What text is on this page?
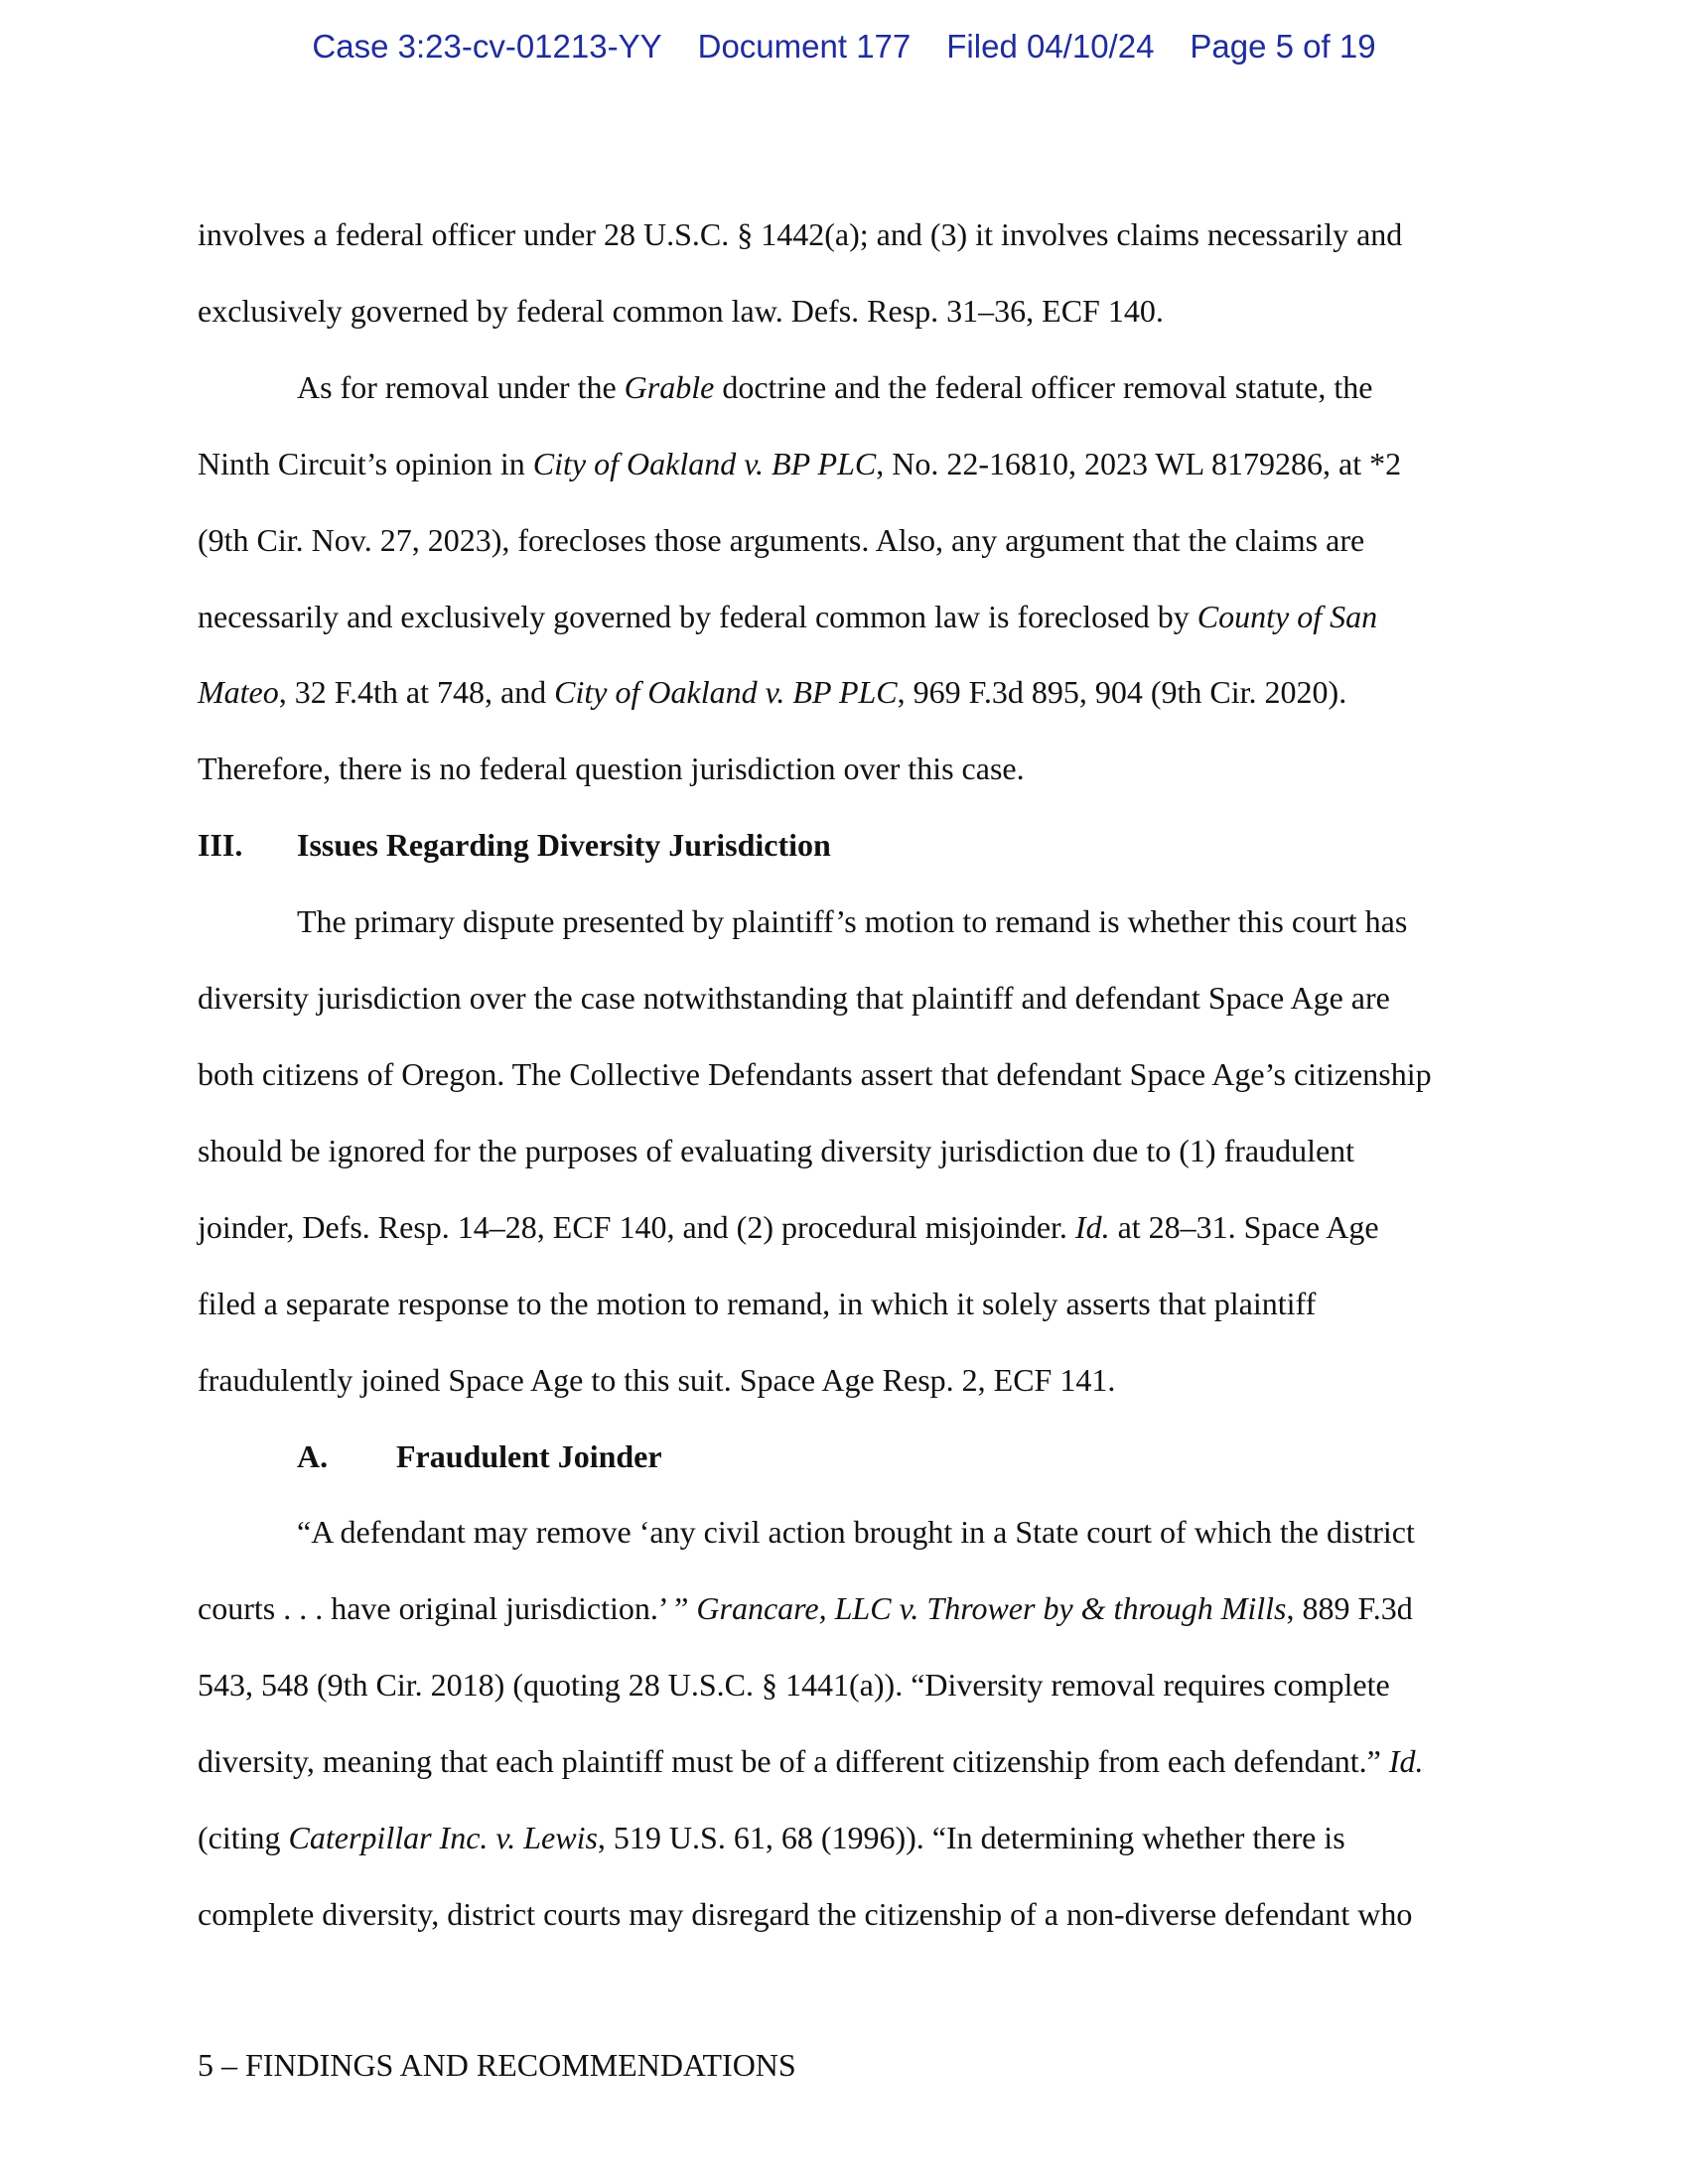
Case 3:23-cv-01213-YY Document 177 Filed 04/10/24 Page 5 of 19

involves a federal officer under 28 U.S.C. § 1442(a); and (3) it involves claims necessarily and
exclusively governed by federal common law. Defs. Resp. 31–36, ECF 140.

As for removal under the Grable doctrine and the federal officer removal statute, the
Ninth Circuit’s opinion in City of Oakland v. BP PLC, No. 22-16810, 2023 WL 8179286, at *2
(9th Cir. Nov. 27, 2023), forecloses those arguments. Also, any argument that the claims are
necessarily and exclusively governed by federal common law is foreclosed by County of San
Mateo, 32 F.4th at 748, and City of Oakland v. BP PLC, 969 F.3d 895, 904 (9th Cir. 2020).
Therefore, there is no federal question jurisdiction over this case.

III. Issues Regarding Diversity Jurisdiction

The primary dispute presented by plaintiff’s motion to remand is whether this court has
diversity jurisdiction over the case notwithstanding that plaintiff and defendant Space Age are
both citizens of Oregon. The Collective Defendants assert that defendant Space Age’s citizenship
should be ignored for the purposes of evaluating diversity jurisdiction due to (1) fraudulent
joinder, Defs. Resp. 14–28, ECF 140, and (2) procedural misjoinder. Id. at 28–31. Space Age
filed a separate response to the motion to remand, in which it solely asserts that plaintiff
fraudulently joined Space Age to this suit. Space Age Resp. 2, ECF 141.

A. Fraudulent Joinder

“A defendant may remove ‘any civil action brought in a State court of which the district
courts . . . have original jurisdiction.’ ” Grancare, LLC v. Thrower by & through Mills, 889 F.3d
543, 548 (9th Cir. 2018) (quoting 28 U.S.C. § 1441(a)). “Diversity removal requires complete
diversity, meaning that each plaintiff must be of a different citizenship from each defendant.” Id.
(citing Caterpillar Inc. v. Lewis, 519 U.S. 61, 68 (1996)). “In determining whether there is
complete diversity, district courts may disregard the citizenship of a non-diverse defendant who

5 – FINDINGS AND RECOMMENDATIONS
